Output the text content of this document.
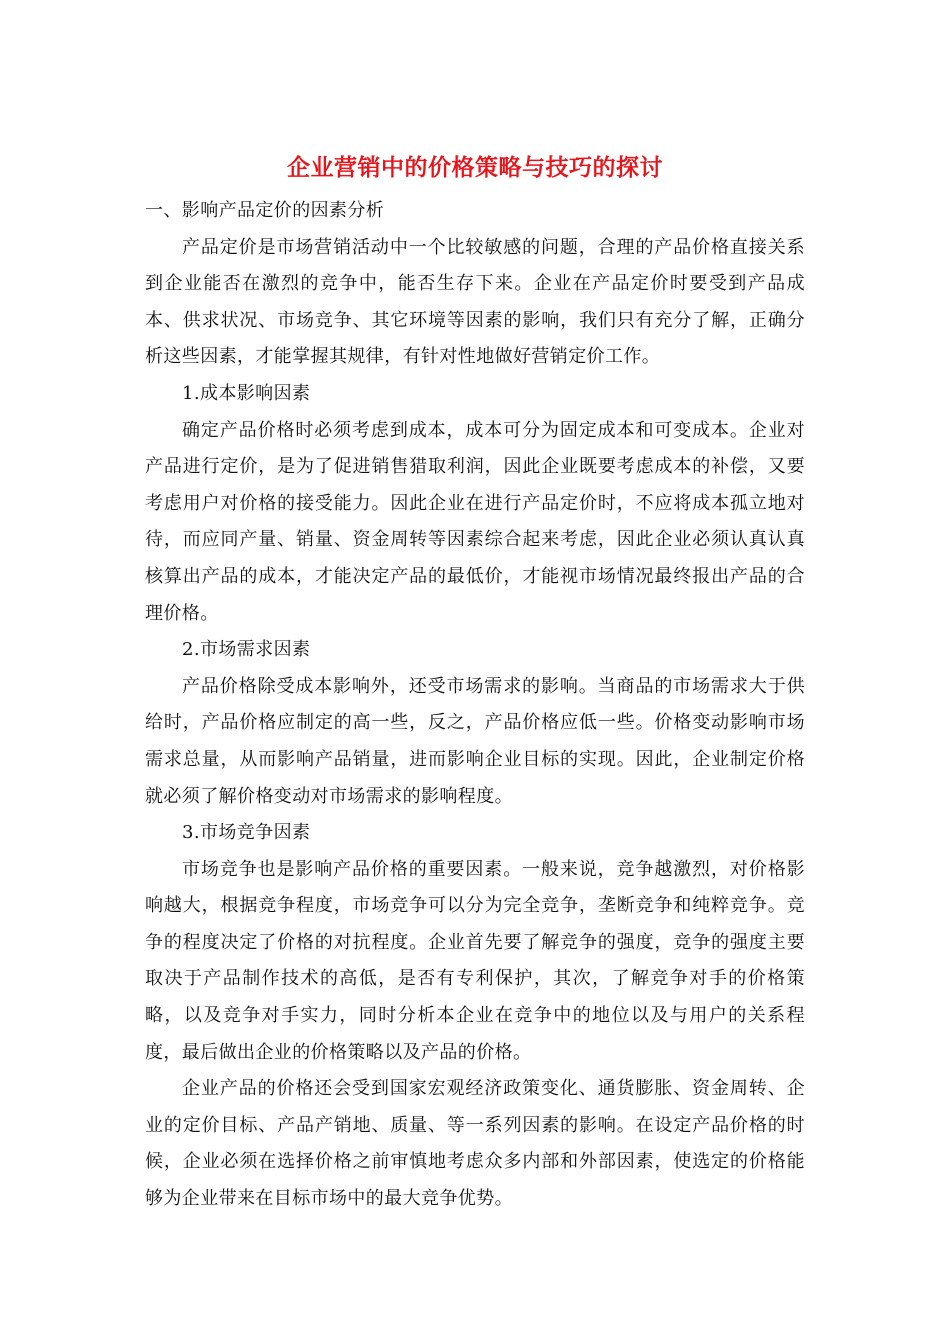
企业营销中的价格策略与技巧的探讨

一、影响产品定价的因素分析

产品定价是市场营销活动中一个比较敏感的问题，合理的产品价格直接关系到企业能否在激烈的竞争中，能否生存下来。企业在产品定价时要受到产品成本、供求状况、市场竞争、其它环境等因素的影响，我们只有充分了解，正确分析这些因素，才能掌握其规律，有针对性地做好营销定价工作。

1.成本影响因素

确定产品价格时必须考虑到成本，成本可分为固定成本和可变成本。企业对产品进行定价，是为了促进销售猎取利润，因此企业既要考虑成本的补偿，又要考虑用户对价格的接受能力。因此企业在进行产品定价时，不应将成本孤立地对待，而应同产量、销量、资金周转等因素综合起来考虑，因此企业必须认真认真核算出产品的成本，才能决定产品的最低价，才能视市场情况最终报出产品的合理价格。

2.市场需求因素

产品价格除受成本影响外，还受市场需求的影响。当商品的市场需求大于供给时，产品价格应制定的高一些，反之，产品价格应低一些。价格变动影响市场需求总量，从而影响产品销量，进而影响企业目标的实现。因此，企业制定价格就必须了解价格变动对市场需求的影响程度。

3.市场竞争因素

市场竞争也是影响产品价格的重要因素。一般来说，竞争越激烈，对价格影响越大，根据竞争程度，市场竞争可以分为完全竞争，垄断竞争和纯粹竞争。竞争的程度决定了价格的对抗程度。企业首先要了解竞争的强度，竞争的强度主要取决于产品制作技术的高低，是否有专利保护，其次，了解竞争对手的价格策略，以及竞争对手实力，同时分析本企业在竞争中的地位以及与用户的关系程度，最后做出企业的价格策略以及产品的价格。

企业产品的价格还会受到国家宏观经济政策变化、通货膨胀、资金周转、企业的定价目标、产品产销地、质量、等一系列因素的影响。在设定产品价格的时候，企业必须在选择价格之前审慎地考虑众多内部和外部因素，使选定的价格能够为企业带来在目标市场中的最大竞争优势。
